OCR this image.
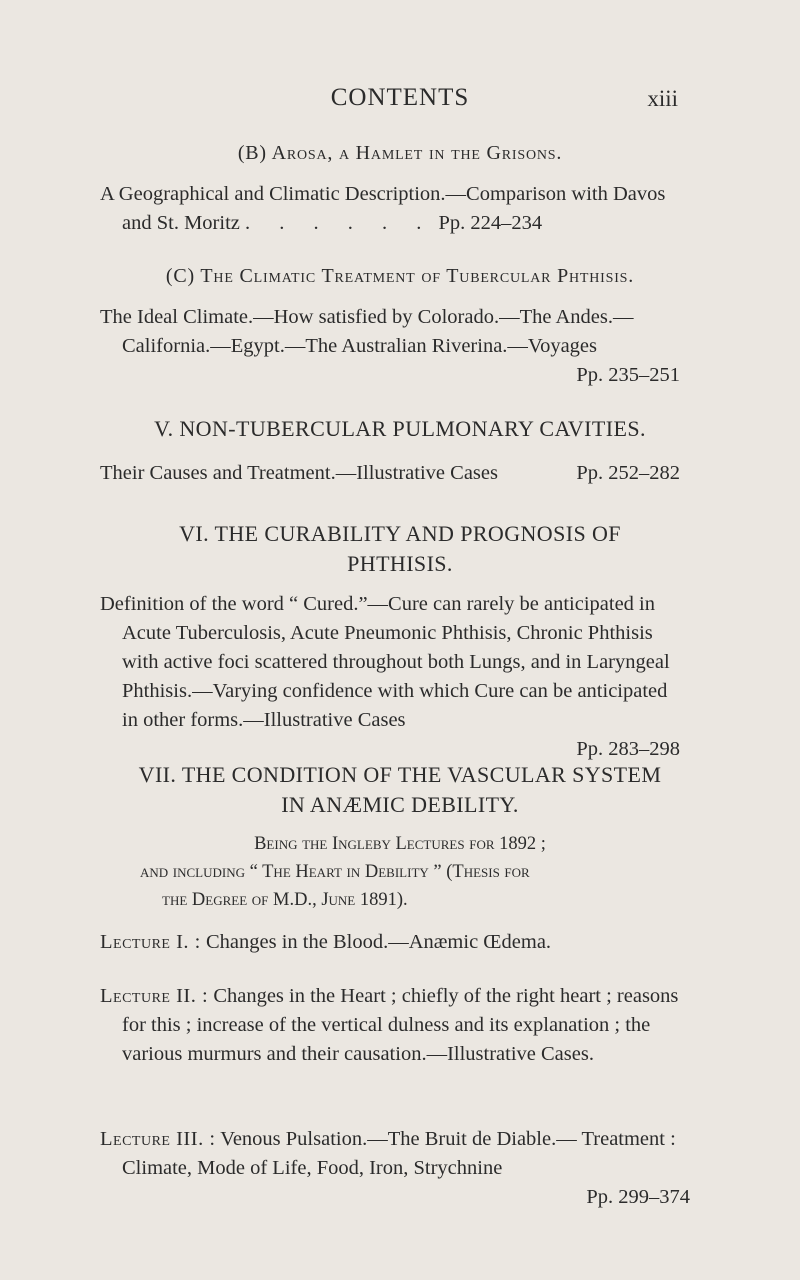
CONTENTS	xiii
(B) Arosa, a Hamlet in the Grisons.

A Geographical and Climatic Description.—Comparison with Davos and St. Moritz . . . . . . Pp. 224–234

(C) The Climatic Treatment of Tubercular Phthisis.

The Ideal Climate.—How satisfied by Colorado.—The Andes.— California.—Egypt.—The Australian Riverina.—Voyages

Pp. 235–251
V. NON-TUBERCULAR PULMONARY CAVITIES.

Their Causes and Treatment.—Illustrative Cases	Pp. 252–282

VI. THE CURABILITY AND PROGNOSIS OF
PHTHISIS.

Definition of the word “ Cured.”—Cure can rarely be anticipated in Acute Tuberculosis, Acute Pneumonic Phthisis, Chronic Phthisis with active foci scattered throughout both Lungs, and in Laryngeal Phthisis.—Varying confidence with which Cure can be anticipated in other forms.—Illustrative Cases

Pp. 283–298
VII. THE CONDITION OF THE VASCULAR SYSTEM
IN ANÆMIC DEBILITY.
Being the Ingleby Lectures for 1892 ;
and including “ The Heart in Debility ” (Thesis for
the Degree of M.D., June 1891).

Lecture I. : Changes in the Blood.—Anæmic Œdema.

Lecture II. : Changes in the Heart ; chiefly of the right heart ; reasons for this ; increase of the vertical dulness and its explanation ; the various murmurs and their causation.—Illustrative Cases.

Lecture III. : Venous Pulsation.—The Bruit de Diable.— Treatment : Climate, Mode of Life, Food, Iron, Strychnine

Pp. 299–374
